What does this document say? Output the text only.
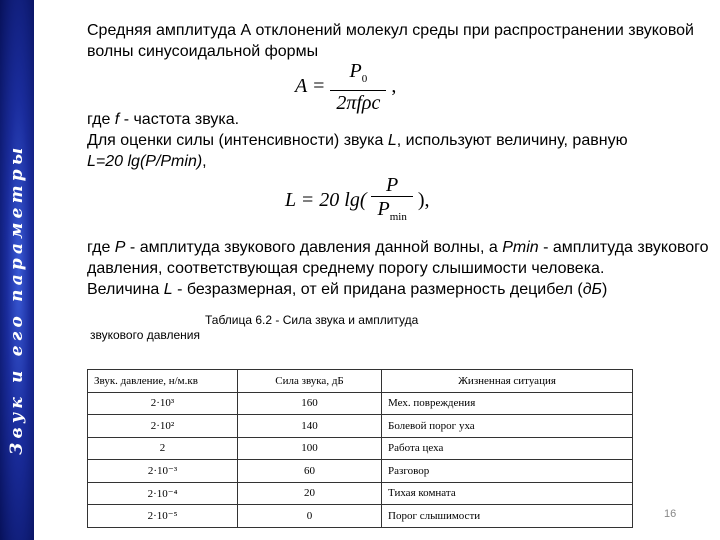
Звук и его параметры

Средняя амплитуда А отклонений молекул среды при распространении звуковой волны синусоидальной формы

$A = \frac{P_0}{\text{2πfρc}}$ ,

где f - частота звука.

Для оценки силы (интенсивности) звука L, используют величину, равную
L=20 lg(P/Pmin),

L = 20 $\lg( \frac{P}{P_{min}}$ ),

где P - амплитуда звукового давления данной волны, а Pmin - амплитуда звукового давления, соответствующая среднему порогу слышимости человека.

Величина L - безразмерная, от ей придана размерность децибел (дБ)

Таблица 6.2 - Сила звука и амплитуда звукового давления
Звук. давление, н/м.кв	Сила звука, дБ	Жизненная ситуация
2·10³	160	Мех. повреждения
2·10²	140	Болевой порог уха
2	100	Работа цеха
2·10⁻³	60	Разговор
2·10⁻⁴	20	Тихая комната
2·10⁻⁵	0	Порог слышимости	16
